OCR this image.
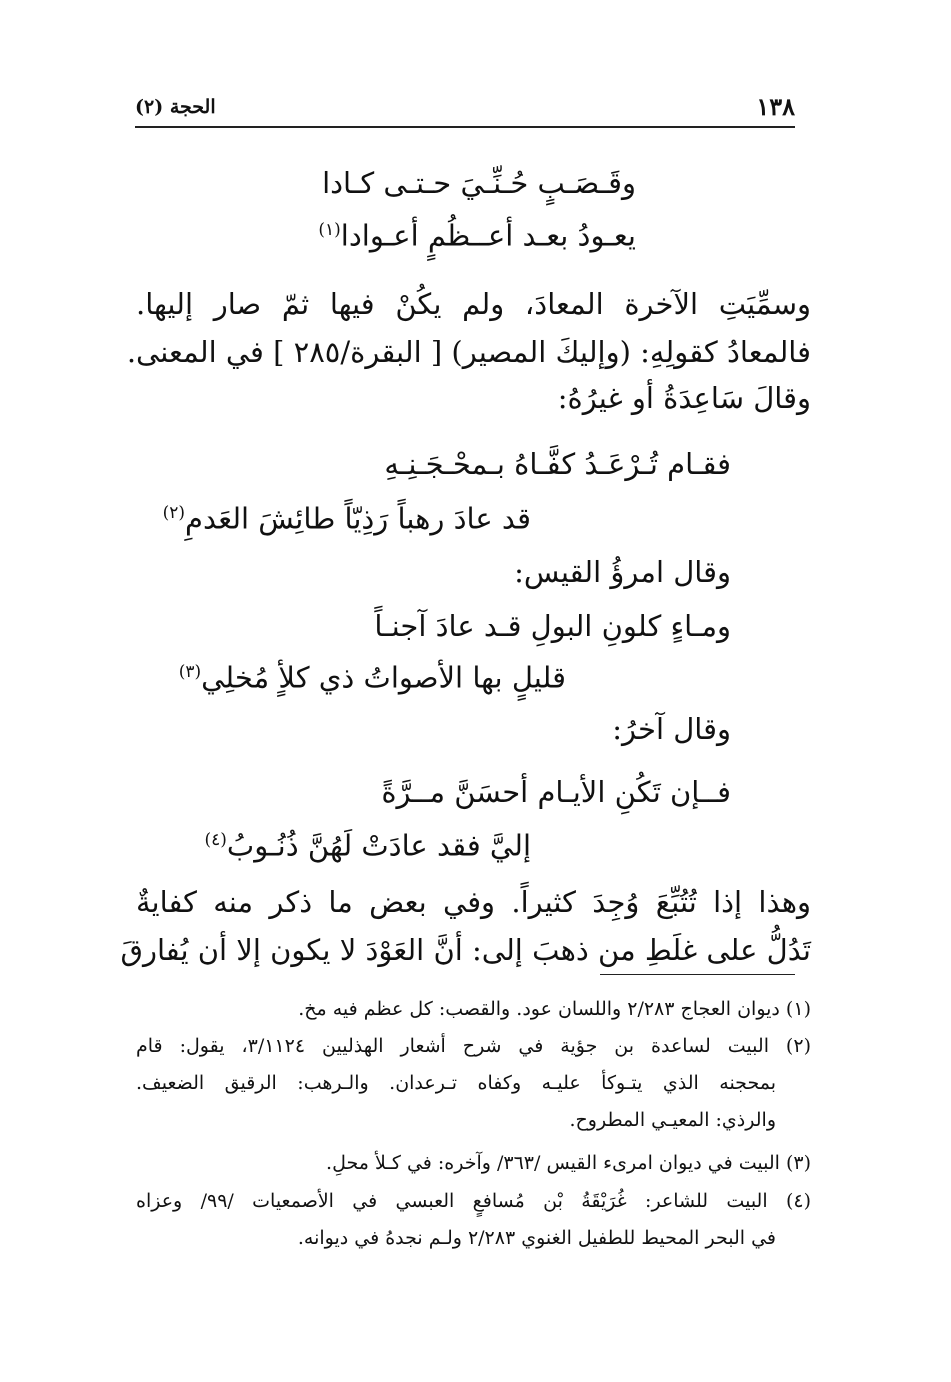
١٣٨
الحجة (٢)
وقَـصَـبٍ حُـنِّـيَ حـتـى كـادا
يعـودُ بعـد أعــظُمٍ أعـوادا$^{(١)}$
وسمِّيَتِ الآخرة المعادَ، ولم يكُنْ فيها ثمّ صار إليها.
فالمعادُ كقولِهِ: (وإليكَ المصير) [ البقرة/٢٨٥ ] في المعنى.
وقالَ سَاعِدَةُ أو غيرُهُ:
فقـام تُـرْعَـدُ كفَّـاهُ بـمحْـجَـنِـهِ
قد عادَ رهباً رَذِيّاً طائِشَ العَدمِ$^{(٢)}$
وقال امرؤُ القيس:
ومـاءٍ كلونِ البولِ قـد عادَ آجنـاً
قليلٍ بها الأصواتُ ذي كلأٍ مُخلِي$^{(٣)}$
وقال آخرُ:
فــإن تَكُنِ الأيـام أحسَنَّ مــرَّةً
إليَّ فقد عادَتْ لَهُنَّ ذُنُـوبُ$^{(٤)}$
وهذا إذا تُتُبِّعَ وُجِدَ كثيراً. وفي بعض ما ذكر منه كفايةٌ
تَدُلُّ على غلَطِ من ذهبَ إلى: أنَّ العَوْدَ لا يكون إلا أن يُفارقَ
(١) ديوان العجاج ٢/٢٨٣ واللسان عود. والقصب: كل عظم فيه مخ.
(٢) البيت لساعدة بن جؤية في شرح أشعار الهذليين ٣/١١٢٤، يقول: قام
بمحجنه الذي يتـوكأ عليـه وكفاه تـرعدان. والـرهب: الرقيق الضعيف.
والرذي: المعيـي المطروح.
(٣) البيت في ديوان امرىء القيس /٣٦٣/ وآخره: في كـلأ محلِ.
(٤) البيت للشاعر: غُرَيْقَةُ بْن مُسافعٍ العبسي في الأصمعيات /٩٩/ وعزاه
في البحر المحيط للطفيل الغنوي ٢/٢٨٣ ولـم نجدهُ في ديوانه.
